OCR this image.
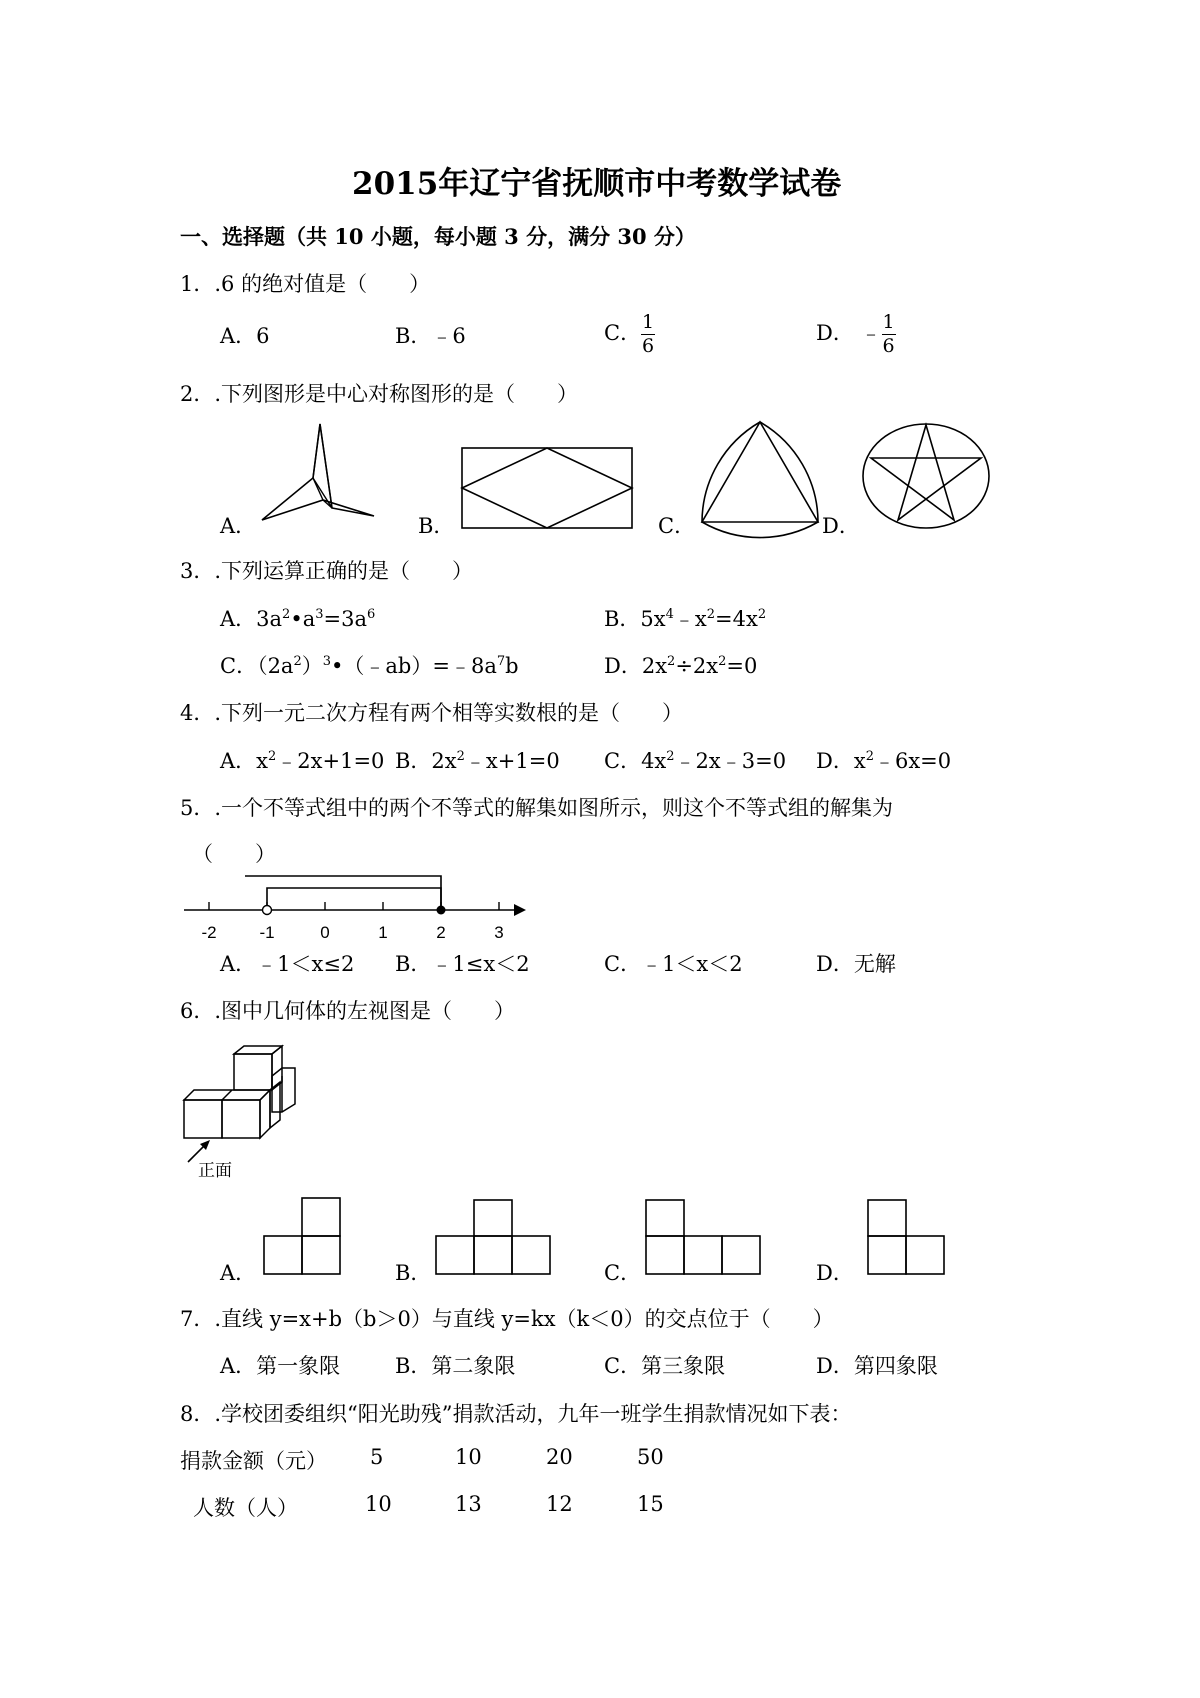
2015年辽宁省抚顺市中考数学试卷
一、选择题（共 10 小题，每小题 3 分，满分 30 分）
1．.6 的绝对值是（　　）
A．6	B．﹣6	C． $\frac{1}{6}$	D． ﹣ $\frac{1}{6}$
2．.下列图形是中心对称图形的是（　　）
A．	B．	C．	D．
3．.下列运算正确的是（　　）
A．$3a^2•a^3=3a^6$	B．$5x^4﹣x^2=4x^2$
C．$(2a^2)^3•(﹣ab)=﹣8a^7b$	D．$2x^2\div 2x^2=0$
4．.下列一元二次方程有两个相等实数根的是（　　）
A．$x^2﹣2x+1=0$ B．$2x^2﹣x+1=0$ C．$4x^2﹣2x﹣3=0$ D．$x^2﹣6x=0$
5．.一个不等式组中的两个不等式的解集如图所示，则这个不等式组的解集为
（　　）
-2	-1	0	1	2	3
A．﹣1＜x≤2 B．﹣1≤x＜2	C．﹣1＜x＜2	D．无解
6．.图中几何体的左视图是（　　）
正面
A．	B．	C．	D．
7．.直线 y=x+b（b＞0）与直线 y=kx（k＜0）的交点位于（　　）
A．第一象限	B．第二象限	C．第三象限	D．第四象限
8．.学校团委组织“阳光助残”捐款活动，九年一班学生捐款情况如下表：
捐款金额（元） 5	10	20	50
人数（人）	10	13	12	15
